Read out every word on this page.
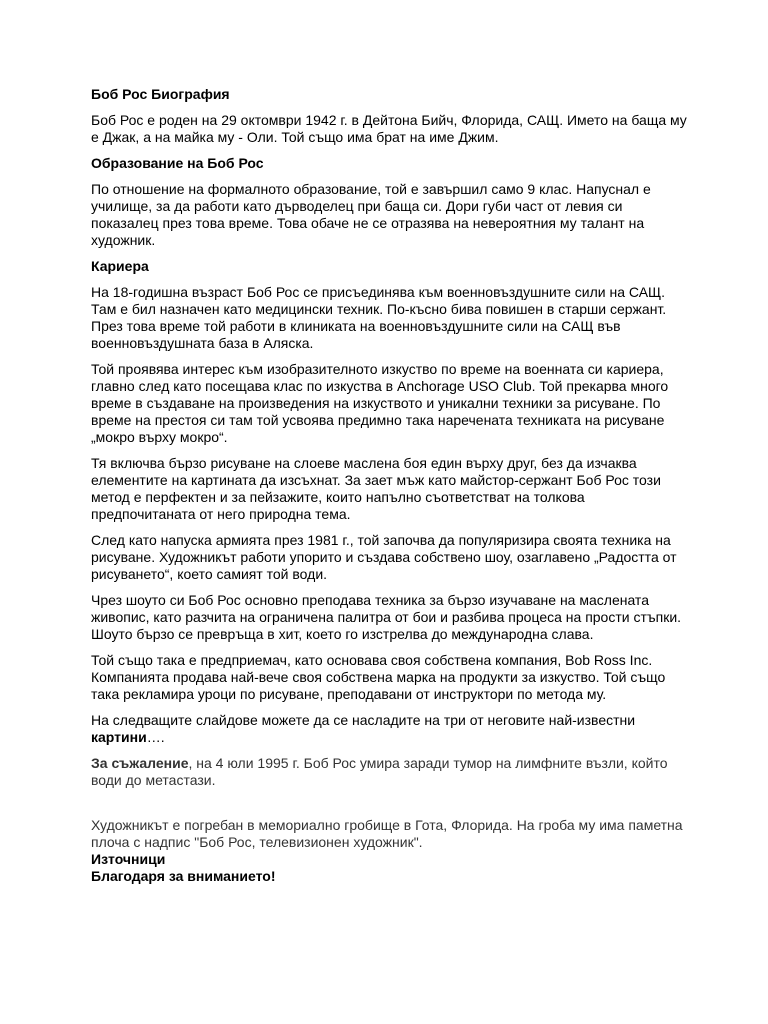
Боб Рос Биография
Боб Рос е роден на 29 октомври 1942 г. в Дейтона Бийч, Флорида, САЩ. Името на баща му е Джак, а на майка му - Оли. Той също има брат на име Джим.
Образование на Боб Рос
По отношение на формалното образование, той е завършил само 9 клас. Напуснал е училище, за да работи като дърводелец при баща си. Дори губи част от левия си показалец през това време. Това обаче не се отразява на невероятния му талант на художник.
Кариера
На 18-годишна възраст Боб Рос се присъединява към военновъздушните сили на САЩ. Там е бил назначен като медицински техник. По-късно бива повишен в старши сержант. През това време той работи в клиниката на военновъздушните сили на САЩ във военновъздушната база в Аляска.
Той проявява интерес към изобразителното изкуство по време на военната си кариера, главно след като посещава клас по изкуства в Anchorage USO Club. Той прекарва много време в създаване на произведения на изкуството и уникални техники за рисуване. По време на престоя си там той усвоява предимно така наречената техниката на рисуване „мокро върху мокро“.
Тя включва бързо рисуване на слоеве маслена боя един върху друг, без да изчаква елементите на картината да изсъхнат. За зает мъж като майстор-сержант Боб Рос този метод е перфектен и за пейзажите, които напълно съответстват на толкова предпочитаната от него природна тема.
След като напуска армията през 1981 г., той започва да популяризира своята техника на рисуване. Художникът работи упорито и създава собствено шоу, озаглавено „Радостта от рисуването“, което самият той води.
Чрез шоуто си Боб Рос основно преподава техника за бързо изучаване на маслената живопис, като разчита на ограничена палитра от бои и разбива процеса на прости стъпки. Шоуто бързо се превръща в хит, което го изстрелва до международна слава.
Той също така е предприемач, като основава своя собствена компания, Bob Ross Inc. Компанията продава най-вече своя собствена марка на продукти за изкуство. Той също така рекламира уроци по рисуване, преподавани от инструктори по метода му.
На следващите слайдове можете да се насладите на три от неговите най-известни картини….
За съжаление, на 4 юли 1995 г. Боб Рос умира заради тумор на лимфните възли, който води до метастази.
Художникът е погребан в мемориално гробище в Гота, Флорида. На гроба му има паметна плоча с надпис "Боб Рос, телевизионен художник".
Източници
Благодаря за вниманието!
